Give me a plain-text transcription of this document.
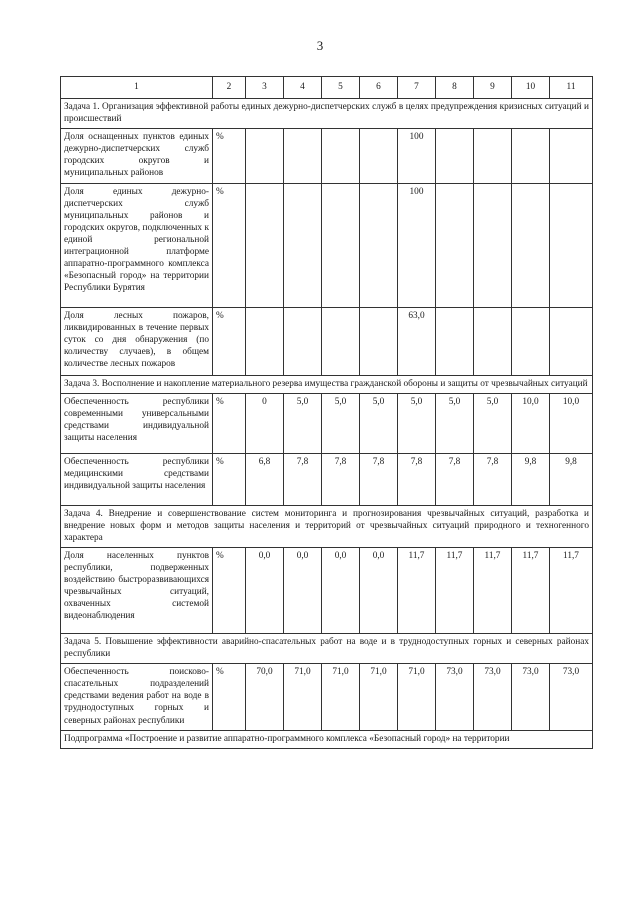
3
1	2	3	4	5	6	7	8	9	10	11
Задача 1. Организация эффективной работы единых дежурно-диспетчерских служб в целях предупреждения кризисных ситуаций и происшествий										
Доля оснащенных пунктов единых дежурно-диспетчерских служб городских округов и муниципальных районов	%					100				
Доля единых дежурно-диспетчерских служб муниципальных районов и городских округов, подключенных к единой региональной интеграционной платформе аппаратно-программного комплекса «Безопасный город» на территории Республики Бурятия	%					100				
Доля лесных пожаров, ликвидированных в течение первых суток со дня обнаружения (по количеству случаев), в общем количестве лесных пожаров	%					63,0				
Задача 3. Восполнение и накопление материального резерва имущества гражданской обороны и защиты от чрезвычайных ситуаций										
Обеспеченность республики современными универсальными средствами индивидуальной защиты населения	%	0	5,0	5,0	5,0	5,0	5,0	5,0	10,0	10,0
Обеспеченность республики медицинскими средствами индивидуальной защиты населения	%	6,8	7,8	7,8	7,8	7,8	7,8	7,8	9,8	9,8
Задача 4. Внедрение и совершенствование систем мониторинга и прогнозирования чрезвычайных ситуаций, разработка и внедрение новых форм и методов защиты населения и территорий от чрезвычайных ситуаций природного и техногенного характера										
Доля населенных пунктов республики, подверженных воздействию быстроразвивающихся чрезвычайных ситуаций, охваченных системой видеонаблюдения	%	0,0	0,0	0,0	0,0	11,7	11,7	11,7	11,7	11,7
Задача 5. Повышение эффективности аварийно-спасательных работ на воде и в труднодоступных горных и северных районах республики										
Обеспеченность поисково-спасательных подразделений средствами ведения работ на воде в труднодоступных горных и северных районах республики	%	70,0	71,0	71,0	71,0	71,0	73,0	73,0	73,0	73,0
Подпрограмма «Построение и развитие аппаратно-программного комплекса «Безопасный город» на территории										
